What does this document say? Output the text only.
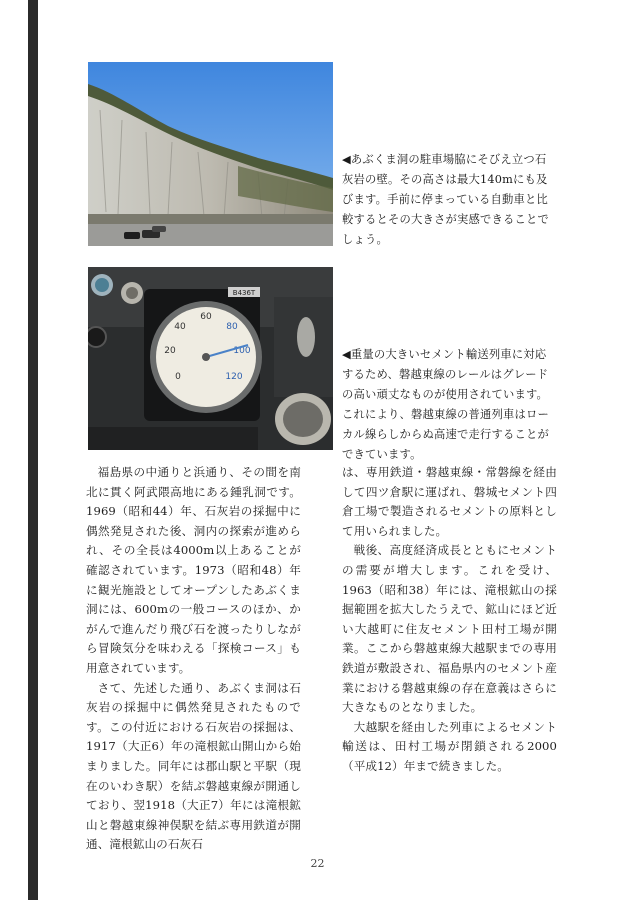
◀あぶくま洞の駐車場脇にそびえ立つ石灰岩の壁。その高さは最大140mにも及びます。手前に停まっている自動車と比較するとその大きさが実感できることでしょう。
B436T
0
20
40
60
80
100
120
◀重量の大きいセメント輸送列車に対応するため、磐越東線のレールはグレードの高い頑丈なものが使用されています。これにより、磐越東線の普通列車はローカル線らしからぬ高速で走行することができています。

福島県の中通りと浜通り、その間を南北に貫く阿武隈高地にある鍾乳洞です。1969（昭和44）年、石灰岩の採掘中に偶然発見された後、洞内の探索が進められ、その全長は4000m以上あることが確認されています。1973（昭和48）年に観光施設としてオープンしたあぶくま洞には、600mの一般コースのほか、かがんで進んだり飛び石を渡ったりしながら冒険気分を味わえる「探検コース」も用意されています。

さて、先述した通り、あぶくま洞は石灰岩の採掘中に偶然発見されたものです。この付近における石灰岩の採掘は、1917（大正6）年の滝根鉱山開山から始まりました。同年には郡山駅と平駅（現在のいわき駅）を結ぶ磐越東線が開通しており、翌1918（大正7）年には滝根鉱山と磐越東線神俣駅を結ぶ専用鉄道が開通、滝根鉱山の石灰石

は、専用鉄道・磐越東線・常磐線を経由して四ツ倉駅に運ばれ、磐城セメント四倉工場で製造されるセメントの原料として用いられました。

戦後、高度経済成長とともにセメントの需要が増大します。これを受け、1963（昭和38）年には、滝根鉱山の採掘範囲を拡大したうえで、鉱山にほど近い大越町に住友セメント田村工場が開業。ここから磐越東線大越駅までの専用鉄道が敷設され、福島県内のセメント産業における磐越東線の存在意義はさらに大きなものとなりました。

大越駅を経由した列車によるセメント輸送は、田村工場が閉鎖される2000（平成12）年まで続きました。

22
